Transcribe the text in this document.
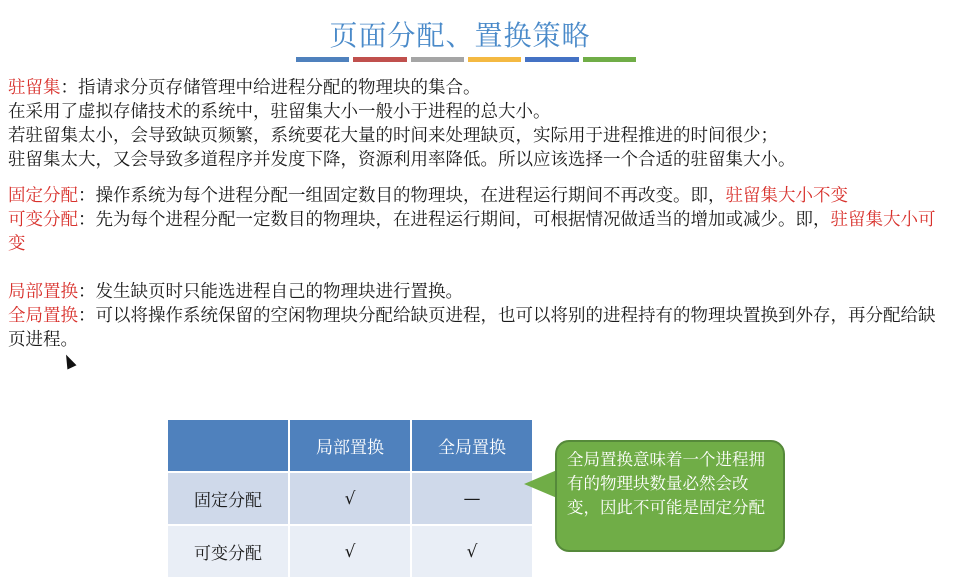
页面分配、置换策略

驻留集：指请求分页存储管理中给进程分配的物理块的集合。

在采用了虚拟存储技术的系统中，驻留集大小一般小于进程的总大小。

若驻留集太小，会导致缺页频繁，系统要花大量的时间来处理缺页，实际用于进程推进的时间很少；

驻留集太大，又会导致多道程序并发度下降，资源利用率降低。所以应该选择一个合适的驻留集大小。

固定分配：操作系统为每个进程分配一组固定数目的物理块，在进程运行期间不再改变。即，驻留集大小不变

可变分配：先为每个进程分配一定数目的物理块，在进程运行期间，可根据情况做适当的增加或减少。即，驻留集大小可变

局部置换：发生缺页时只能选进程自己的物理块进行置换。

全局置换：可以将操作系统保留的空闲物理块分配给缺页进程，也可以将别的进程持有的物理块置换到外存，再分配给缺页进程。

	局部置换	全局置换
固定分配	√	—
可变分配	√	√
全局置换意味着一个进程拥有的物理块数量必然会改变，因此不可能是固定分配
